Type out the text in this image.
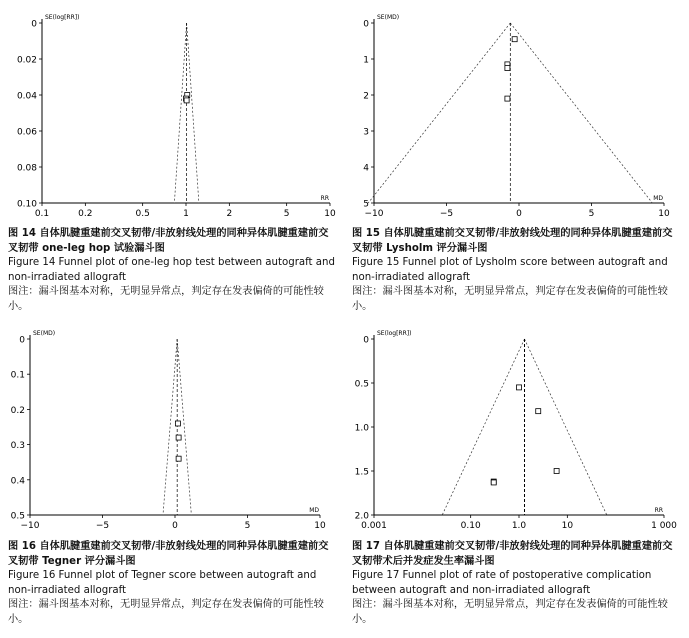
SE(log[RR])
RR
0
0.02
0.04
0.06
0.08
0.10
0.1	0.2	0.5	1	2	5	10
图 14 自体肌腱重建前交叉韧带/非放射线处理的同种异体肌腱重建前交叉韧带 one-leg hop 试验漏斗图
Figure 14 Funnel plot of one-leg hop test between autograft and non-irradiated allograft
图注：漏斗图基本对称，无明显异常点，判定存在发表偏倚的可能性较小。
SE(MD)
MD
0
1
2
3
4
5
−10	−5	0	5	10
图 15 自体肌腱重建前交叉韧带/非放射线处理的同种异体肌腱重建前交叉韧带 Lysholm 评分漏斗图
Figure 15 Funnel plot of Lysholm score between autograft and non-irradiated allograft
图注：漏斗图基本对称，无明显异常点，判定存在发表偏倚的可能性较小。
SE(MD)
MD
0
0.1
0.2
0.3
0.4
0.5
−10	−5	0	5	10
图 16 自体肌腱重建前交叉韧带/非放射线处理的同种异体肌腱重建前交叉韧带 Tegner 评分漏斗图
Figure 16 Funnel plot of Tegner score between autograft and non-irradiated allograft
图注：漏斗图基本对称，无明显异常点，判定存在发表偏倚的可能性较小。
SE(log[RR])
RR
0
0.5
1.0
1.5
2.0
0.001	0.10	1.0	10	1 000
图 17 自体肌腱重建前交叉韧带/非放射线处理的同种异体肌腱重建前交叉韧带术后并发症发生率漏斗图
Figure 17 Funnel plot of rate of postoperative complication between autograft and non-irradiated allograft
图注：漏斗图基本对称，无明显异常点，判定存在发表偏倚的可能性较小。
